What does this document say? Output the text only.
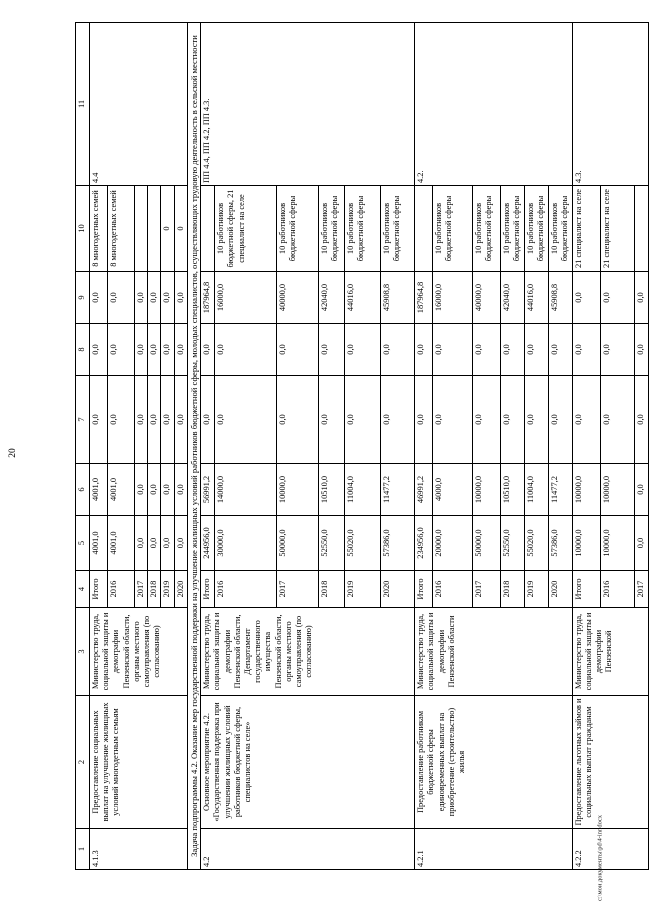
20
1	2	3	4	5	6	7	8	9	10	11
4.1.3	Предоставление социальных выплат на улучшение жилищных условий многодетным семьям	Министерство труда, социальной защиты и демографии Пензенской области, органы местного самоуправления (по согласованию)	Итого	4001,0	4001,0	0,0	0,0	0,0	8 многодетных семей	4.4
			2016	4001,0	4001,0	0,0	0,0	0,0	8 многодетных семей	
			2017	0,0	0,0	0,0	0,0	0,0		
			2018	0,0	0,0	0,0	0,0	0,0		
			2019	0,0	0,0	0,0	0,0	0,0	0	
			2020	0,0	0,0	0,0	0,0	0,0	0	
Задача подпрограммы 4.2. Оказание мер государственной поддержки на улучшение жилищных условий работников бюджетной сферы, молодых специалистов, осуществляющих трудовую деятельность в сельской местности										
4.2	Основное мероприятие 4.2. «Государственная поддержка при улучшении жилищных условий работников бюджетной сферы, специалистов на селе»	Министерство труда, социальной защиты и демографии Пензенской области, Департамент государственного имущества Пензенской области, органы местного самоуправления (по согласованию)	Итого	244956,0	56991,2	0,0	0,0	187964,8		ПП 4.4, ПП 4.2, ПП 4.3.
			2016	30000,0	14000,0	0,0	0,0	16000,0	10 работников бюджетной сферы, 21 специалист на селе	
			2017	50000,0	10000,0	0,0	0,0	40000,0	10 работников бюджетной сферы	
			2018	52550,0	10510,0	0,0	0,0	42040,0	10 работников бюджетной сферы	
			2019	55020,0	11004,0	0,0	0,0	44016,0	10 работников бюджетной сферы	
			2020	57386,0	11477,2	0,0	0,0	45908,8	10 работников бюджетной сферы	
4.2.1	Предоставление работникам бюджетной сферы единовременных выплат на приобретение (строительство) жилья	Министерство труда, социальной защиты и демографии Пензенской области	Итого	234956,0	46991,2	0,0	0,0	187964,8		4.2.
			2016	20000,0	4000,0	0,0	0,0	16000,0	10 работников бюджетной сферы	
			2017	50000,0	10000,0	0,0	0,0	40000,0	10 работников бюджетной сферы	
			2018	52550,0	10510,0	0,0	0,0	42040,0	10 работников бюджетной сферы	
			2019	55020,0	11004,0	0,0	0,0	44016,0	10 работников бюджетной сферы	
			2020	57386,0	11477,2	0,0	0,0	45908,8	10 работников бюджетной сферы	
4.2.2	Предоставление льготных займов и социальных выплат гражданам	Министерство труда, социальной защиты и демографии Пензенской	Итого	10000,0	10000,0	0,0	0,0	0,0	21 специалист на селе	4.3.
			2016	10000,0	10000,0	0,0	0,0	0,0	21 специалист на селе	
			2017	0,0	0,0	0,0	0,0	0,0		
c:\мои документы\pd\4-inr.docx
